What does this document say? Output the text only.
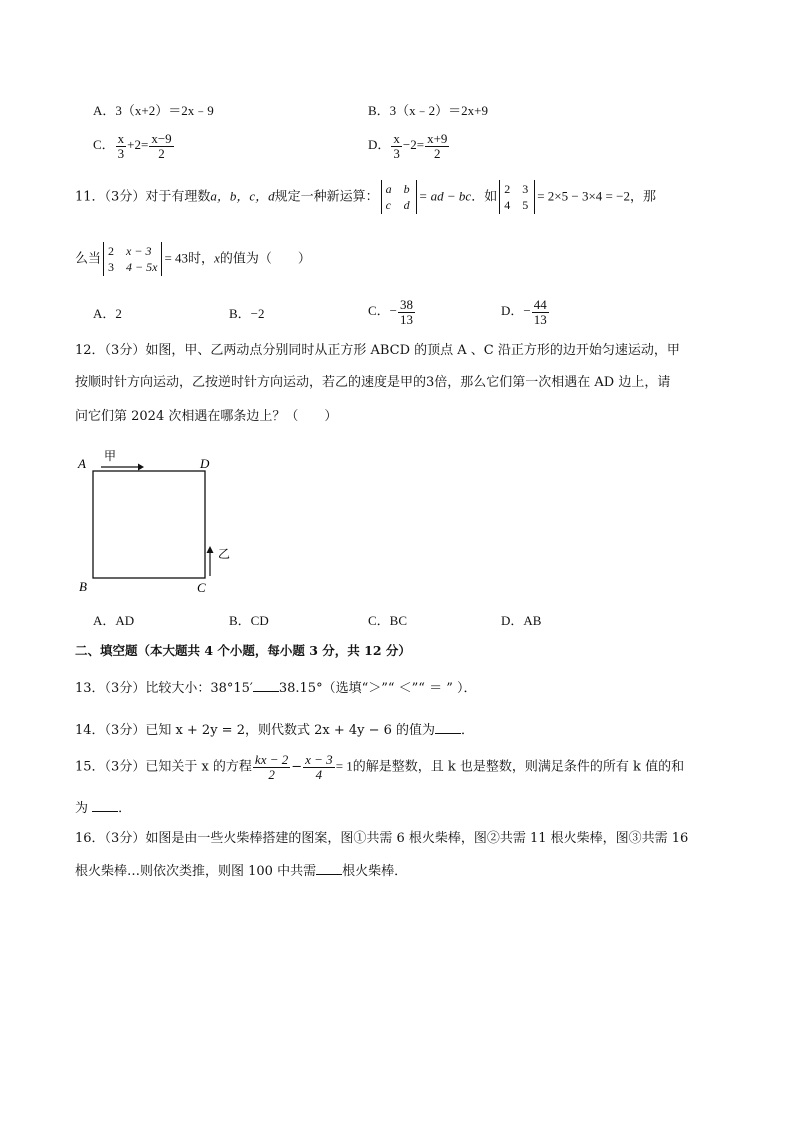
A．3（x+2）＝2x﹣9	B．3（x﹣2）＝2x+9
C． $\frac{x}{3} +2= \frac{x-9}{2}$	D． $\frac{x}{3} -2= \frac{x+9}{2}$
11．（3分）对于有理数a，b，c，d规定一种新运算：
a b
c d
= ad − bc．如
2 3
4 5
= 2×5 − 3×4 = −2，那
么当
2 x − 3
3 4 − 5x
= 43时，x的值为（　　）
A．2	B．−2	C．− $\frac{38}{13}$	D．− $\frac{44}{13}$
12．（3分）如图，甲、乙两动点分别同时从正方形 ABCD 的顶点 A 、C 沿正方形的边开始匀速运动，甲
按顺时针方向运动，乙按逆时针方向运动，若乙的速度是甲的3倍，那么它们第一次相遇在 AD 边上，请
问它们第 2024 次相遇在哪条边上？（　　）
A	D
B	C
甲
乙
A．AD	B．CD	C．BC	D．AB
二、填空题（本大题共 4 个小题，每小题 3 分，共 12 分）
13．（3分）比较大小：38°15′ 38.15°（选填“＞”“ ＜”“ ＝ ” ）．
14．（3分）已知 x + 2y = 2，则代数式 2x + 4y − 6 的值为 ．
15．（3分）已知关于 x 的方程 $\frac{kx - 2}{2} - \frac{x - 3}{4} = 1$的解是整数，且 k 也是整数，则满足条件的所有 k 值的和
为 ．
16．（3分）如图是由一些火柴棒搭建的图案，图①共需 6 根火柴棒，图②共需 11 根火柴棒，图③共需 16
根火柴棒…则依次类推，则图 100 中共需 根火柴棒．
